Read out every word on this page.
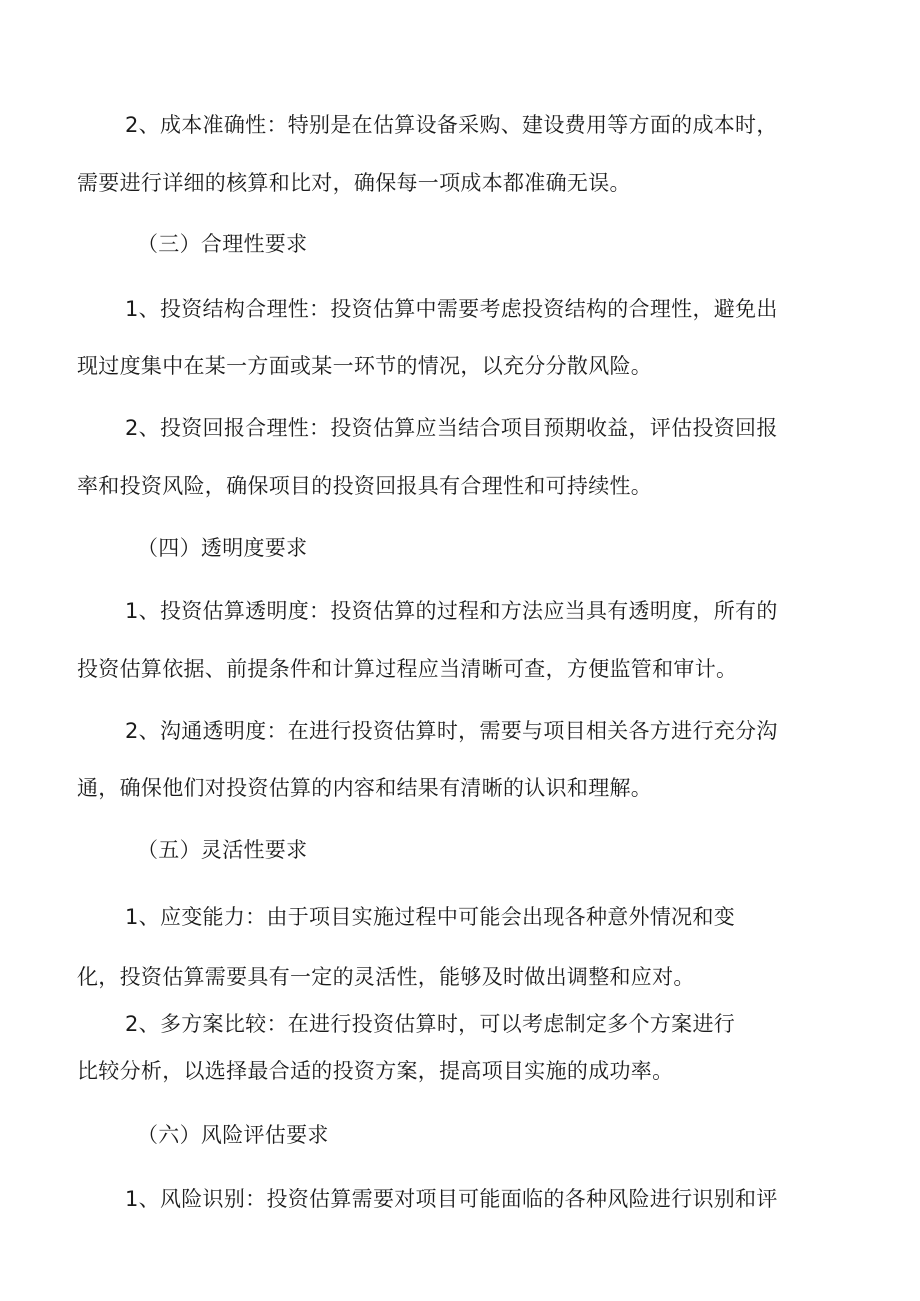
2、成本准确性：特别是在估算设备采购、建设费用等方面的成本时，
需要进行详细的核算和比对，确保每一项成本都准确无误。
（三）合理性要求
1、投资结构合理性：投资估算中需要考虑投资结构的合理性，避免出
现过度集中在某一方面或某一环节的情况，以充分分散风险。
2、投资回报合理性：投资估算应当结合项目预期收益，评估投资回报
率和投资风险，确保项目的投资回报具有合理性和可持续性。
（四）透明度要求
1、投资估算透明度：投资估算的过程和方法应当具有透明度，所有的
投资估算依据、前提条件和计算过程应当清晰可查，方便监管和审计。
2、沟通透明度：在进行投资估算时，需要与项目相关各方进行充分沟
通，确保他们对投资估算的内容和结果有清晰的认识和理解。
（五）灵活性要求
1、应变能力：由于项目实施过程中可能会出现各种意外情况和变
化，投资估算需要具有一定的灵活性，能够及时做出调整和应对。
2、多方案比较：在进行投资估算时，可以考虑制定多个方案进行
比较分析，以选择最合适的投资方案，提高项目实施的成功率。
（六）风险评估要求
1、风险识别：投资估算需要对项目可能面临的各种风险进行识别和评
